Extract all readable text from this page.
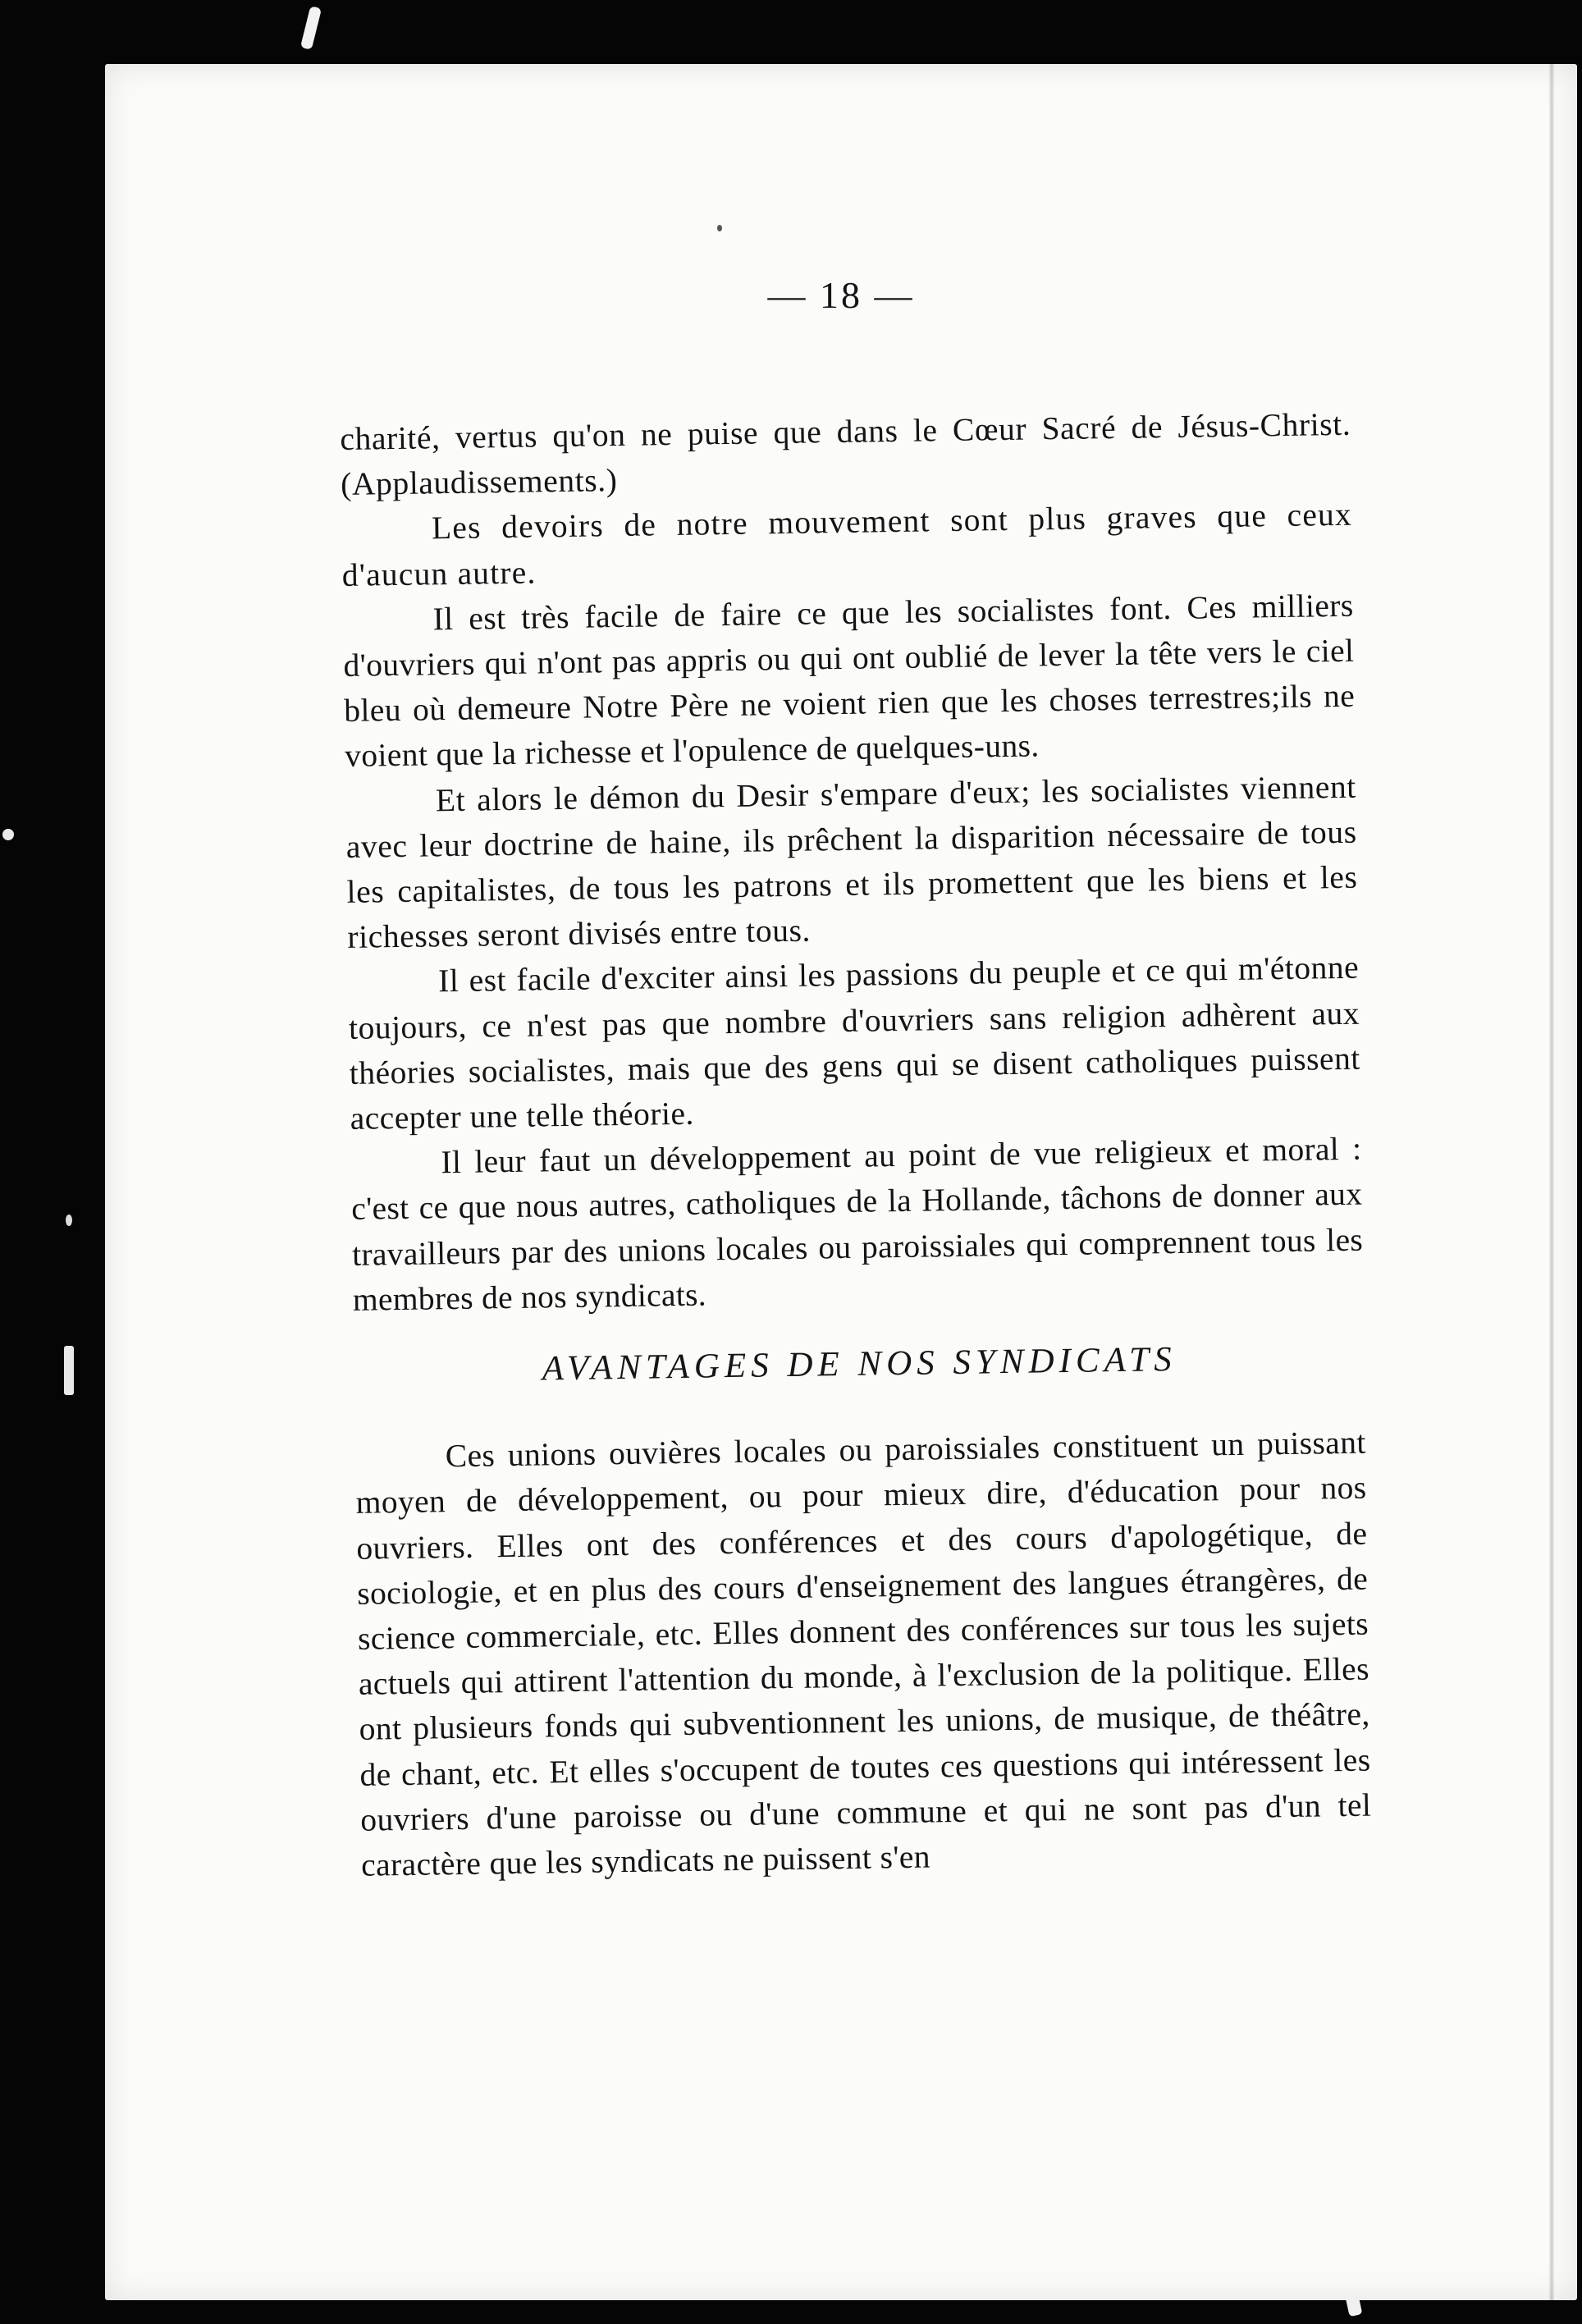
— 18 —

charité, vertus qu'on ne puise que dans le Cœur Sacré de Jésus-Christ. (Applaudissements.)

Les devoirs de notre mouvement sont plus graves que ceux d'aucun autre.

Il est très facile de faire ce que les socialistes font. Ces milliers d'ouvriers qui n'ont pas appris ou qui ont oublié de lever la tête vers le ciel bleu où demeure Notre Père ne voient rien que les choses terrestres;ils ne voient que la richesse et l'opulence de quelques-uns.

Et alors le démon du Desir s'empare d'eux; les socialistes viennent avec leur doctrine de haine, ils prêchent la disparition nécessaire de tous les capitalistes, de tous les patrons et ils promettent que les biens et les richesses seront divisés entre tous.

Il est facile d'exciter ainsi les passions du peuple et ce qui m'étonne toujours, ce n'est pas que nombre d'ouvriers sans religion adhèrent aux théories socialistes, mais que des gens qui se disent catholiques puissent accepter une telle théorie.

Il leur faut un développement au point de vue religieux et moral : c'est ce que nous autres, catholiques de la Hollande, tâchons de donner aux travailleurs par des unions locales ou paroissiales qui comprennent tous les membres de nos syndicats.

AVANTAGES DE NOS SYNDICATS

Ces unions ouvières locales ou paroissiales constituent un puissant moyen de développement, ou pour mieux dire, d'éducation pour nos ouvriers. Elles ont des conférences et des cours d'apologétique, de sociologie, et en plus des cours d'enseignement des langues étrangères, de science commerciale, etc. Elles donnent des conférences sur tous les sujets actuels qui attirent l'attention du monde, à l'exclusion de la politique. Elles ont plusieurs fonds qui subventionnent les unions, de musique, de théâtre, de chant, etc. Et elles s'occupent de toutes ces questions qui intéressent les ouvriers d'une paroisse ou d'une commune et qui ne sont pas d'un tel caractère que les syndicats ne puissent s'en
